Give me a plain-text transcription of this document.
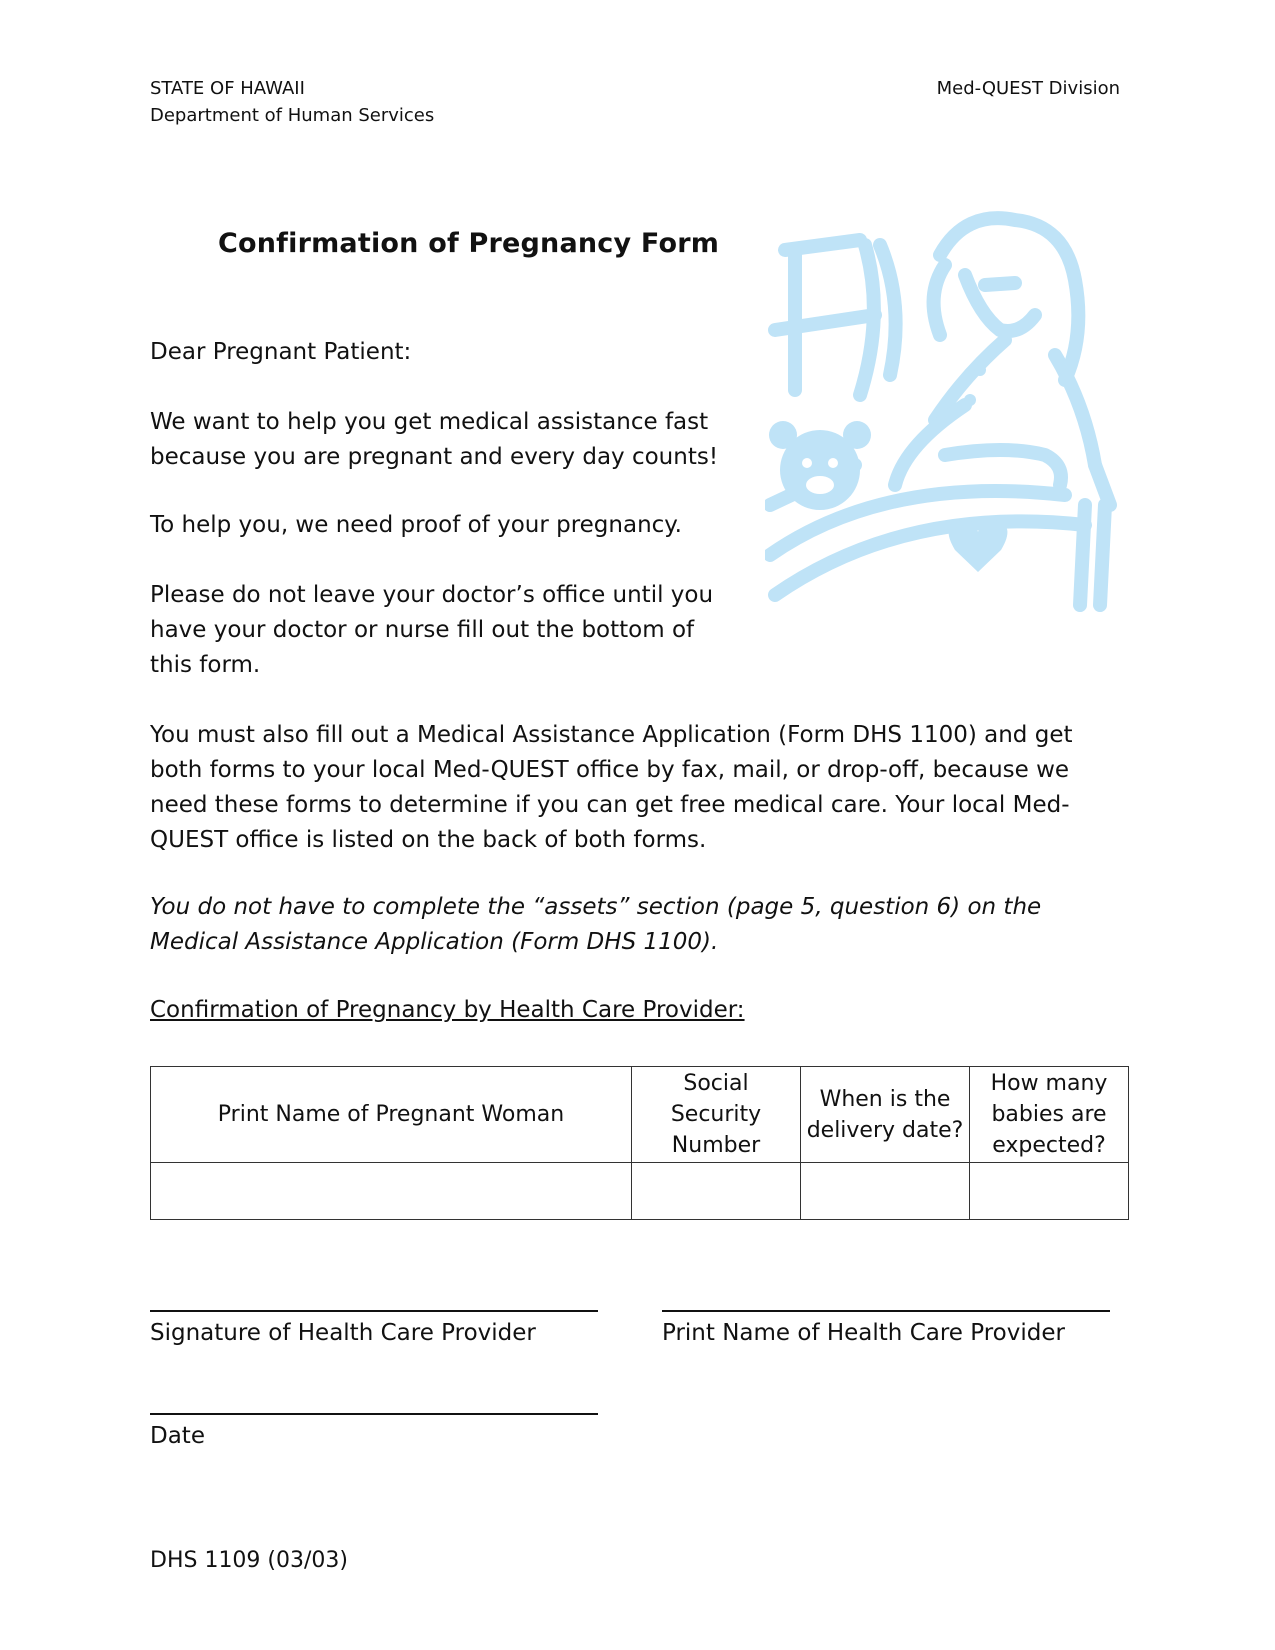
STATE OF HAWAII
Department of Human Services
Med-QUEST Division
Confirmation of Pregnancy Form

Dear Pregnant Patient:

We want to help you get medical assistance fast because you are pregnant and every day counts!

To help you, we need proof of your pregnancy.

Please do not leave your doctor’s office until you have your doctor or nurse fill out the bottom of this form.

You must also fill out a Medical Assistance Application (Form DHS 1100) and get both forms to your local Med-QUEST office by fax, mail, or drop-off, because we need these forms to determine if you can get free medical care. Your local Med-QUEST office is listed on the back of both forms.

You do not have to complete the “assets” section (page 5, question 6) on the Medical Assistance Application (Form DHS 1100).

Confirmation of Pregnancy by Health Care Provider:

Print Name of Pregnant Woman	Social Security Number	When is the delivery date?	How many babies are expected?

Signature of Health Care Provider	Print Name of Health Care Provider
Date
DHS 1109 (03/03)
